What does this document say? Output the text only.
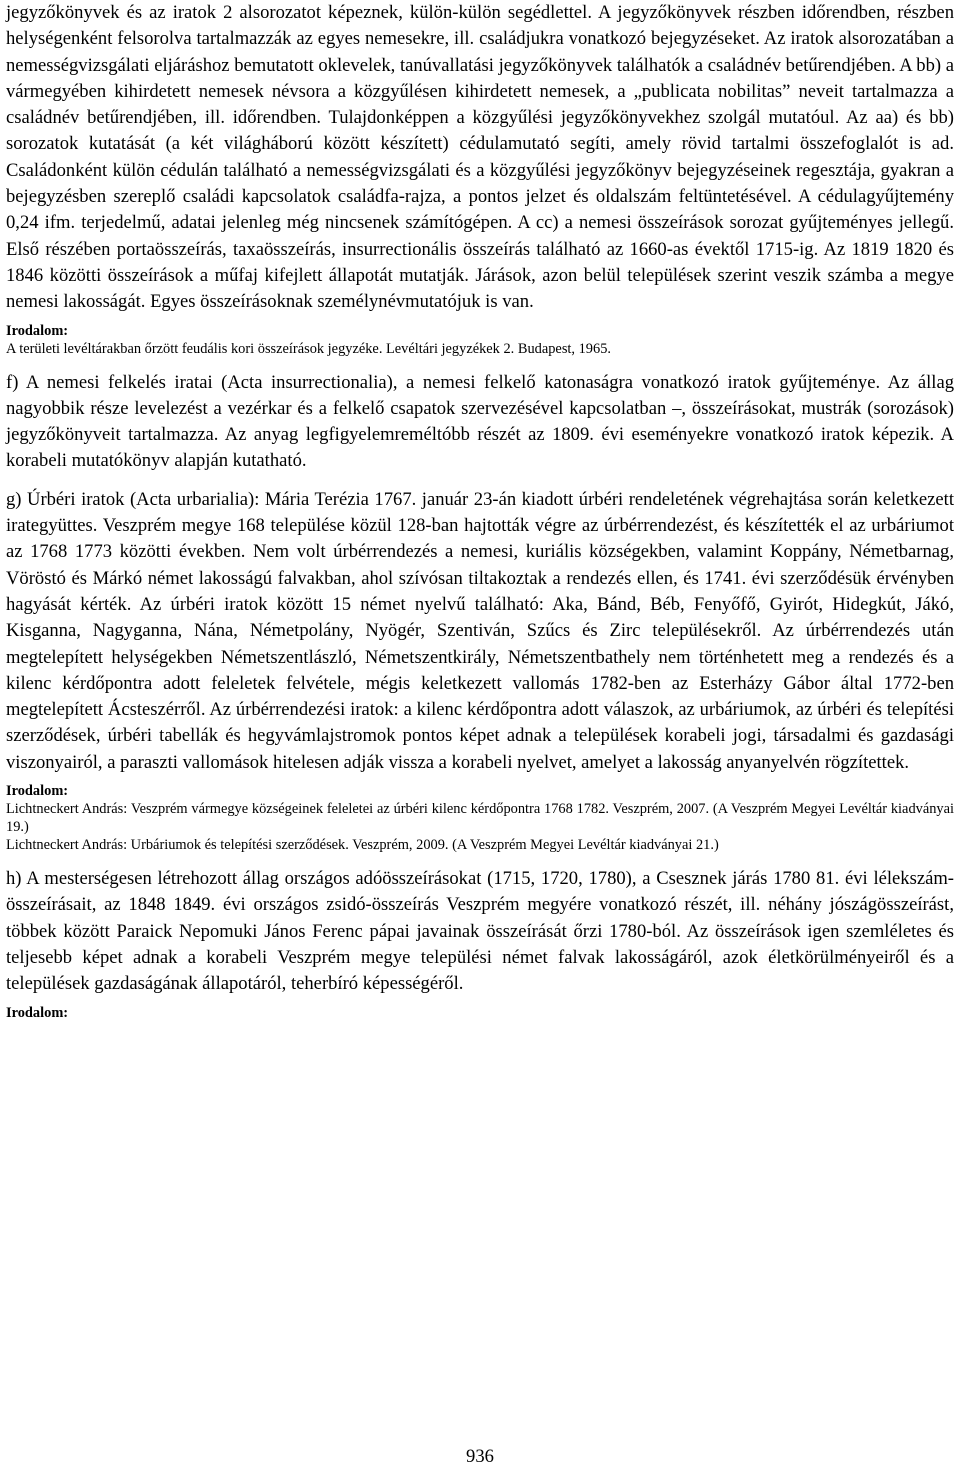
jegyzőkönyvek és az iratok 2 alsorozatot képeznek, külön-külön segédlettel. A jegyzőkönyvek részben időrendben, részben helységenként felsorolva tartalmazzák az egyes nemesekre, ill. családjukra vonatkozó bejegyzéseket. Az iratok alsorozatában a nemességvizsgálati eljáráshoz bemutatott oklevelek, tanúvallatási jegyzőkönyvek találhatók a családnév betűrendjében. A bb) a vármegyében kihirdetett nemesek névsora a közgyűlésen kihirdetett nemesek, a „publicata nobilitas” neveit tartalmazza a családnév betűrendjében, ill. időrendben. Tulajdonképpen a közgyűlési jegyzőkönyvekhez szolgál mutatóul. Az aa) és bb) sorozatok kutatását (a két világháború között készített) cédulamutató segíti, amely rövid tartalmi összefoglalót is ad. Családonként külön cédulán található a nemességvizsgálati és a közgyűlési jegyzőkönyv bejegyzéseinek regesztája, gyakran a bejegyzésben szereplő családi kapcsolatok családfa-rajza, a pontos jelzet és oldalszám feltüntetésével. A cédulagyűjtemény 0,24 ifm. terjedelmű, adatai jelenleg még nincsenek számítógépen. A cc) a nemesi összeírások sorozat gyűjteményes jellegű. Első részében portaösszeírás, taxaösszeírás, insurrectionális összeírás található az 1660-as évektől 1715-ig. Az 1819 1820 és 1846 közötti összeírások a műfaj kifejlett állapotát mutatják. Járások, azon belül települések szerint veszik számba a megye nemesi lakosságát. Egyes összeírásoknak személynévmutatójuk is van.

Irodalom:

A területi levéltárakban őrzött feudális kori összeírások jegyzéke. Levéltári jegyzékek 2. Budapest, 1965.

f) A nemesi felkelés iratai (Acta insurrectionalia), a nemesi felkelő katonaságra vonatkozó iratok gyűjteménye. Az állag nagyobbik része levelezést a vezérkar és a felkelő csapatok szervezésével kapcsolatban –, összeírásokat, mustrák (sorozások) jegyzőkönyveit tartalmazza. Az anyag legfigyelemreméltóbb részét az 1809. évi eseményekre vonatkozó iratok képezik. A korabeli mutatókönyv alapján kutatható.

g) Úrbéri iratok (Acta urbarialia): Mária Terézia 1767. január 23-án kiadott úrbéri rendeletének végrehajtása során keletkezett irategyüttes. Veszprém megye 168 települése közül 128-ban hajtották végre az úrbérrendezést, és készítették el az urbáriumot az 1768 1773 közötti években. Nem volt úrbérrendezés a nemesi, kuriális községekben, valamint Koppány, Németbarnag, Vöröstó és Márkó német lakosságú falvakban, ahol szívósan tiltakoztak a rendezés ellen, és 1741. évi szerződésük érvényben hagyását kérték. Az úrbéri iratok között 15 német nyelvű található: Aka, Bánd, Béb, Fenyőfő, Gyirót, Hidegkút, Jákó, Kisganna, Nagyganna, Nána, Németpolány, Nyögér, Szentiván, Szűcs és Zirc településekről. Az úrbérrendezés után megtelepített helységekben Németszentlászló, Németszentkirály, Németszentbathely nem történhetett meg a rendezés és a kilenc kérdőpontra adott feleletek felvétele, mégis keletkezett vallomás 1782-ben az Esterházy Gábor által 1772-ben megtelepített Ácsteszérről. Az úrbérrendezési iratok: a kilenc kérdőpontra adott válaszok, az urbáriumok, az úrbéri és telepítési szerződések, úrbéri tabellák és hegyvámlajstromok pontos képet adnak a települések korabeli jogi, társadalmi és gazdasági viszonyairól, a paraszti vallomások hitelesen adják vissza a korabeli nyelvet, amelyet a lakosság anyanyelvén rögzítettek.

Irodalom:

Lichtneckert András: Veszprém vármegye községeinek feleletei az úrbéri kilenc kérdőpontra 1768 1782. Veszprém, 2007. (A Veszprém Megyei Levéltár kiadványai 19.)

Lichtneckert András: Urbáriumok és telepítési szerződések. Veszprém, 2009. (A Veszprém Megyei Levéltár kiadványai 21.)

h) A mesterségesen létrehozott állag országos adóösszeírásokat (1715, 1720, 1780), a Csesznek járás 1780 81. évi lélekszám-összeírásait, az 1848 1849. évi országos zsidó-összeírás Veszprém megyére vonatkozó részét, ill. néhány jószágösszeírást, többek között Paraick Nepomuki János Ferenc pápai javainak összeírását őrzi 1780-ból. Az összeírások igen szemléletes és teljesebb képet adnak a korabeli Veszprém megye települési német falvak lakosságáról, azok életkörülményeiről és a települések gazdaságának állapotáról, teherbíró képességéről.

Irodalom:

936
